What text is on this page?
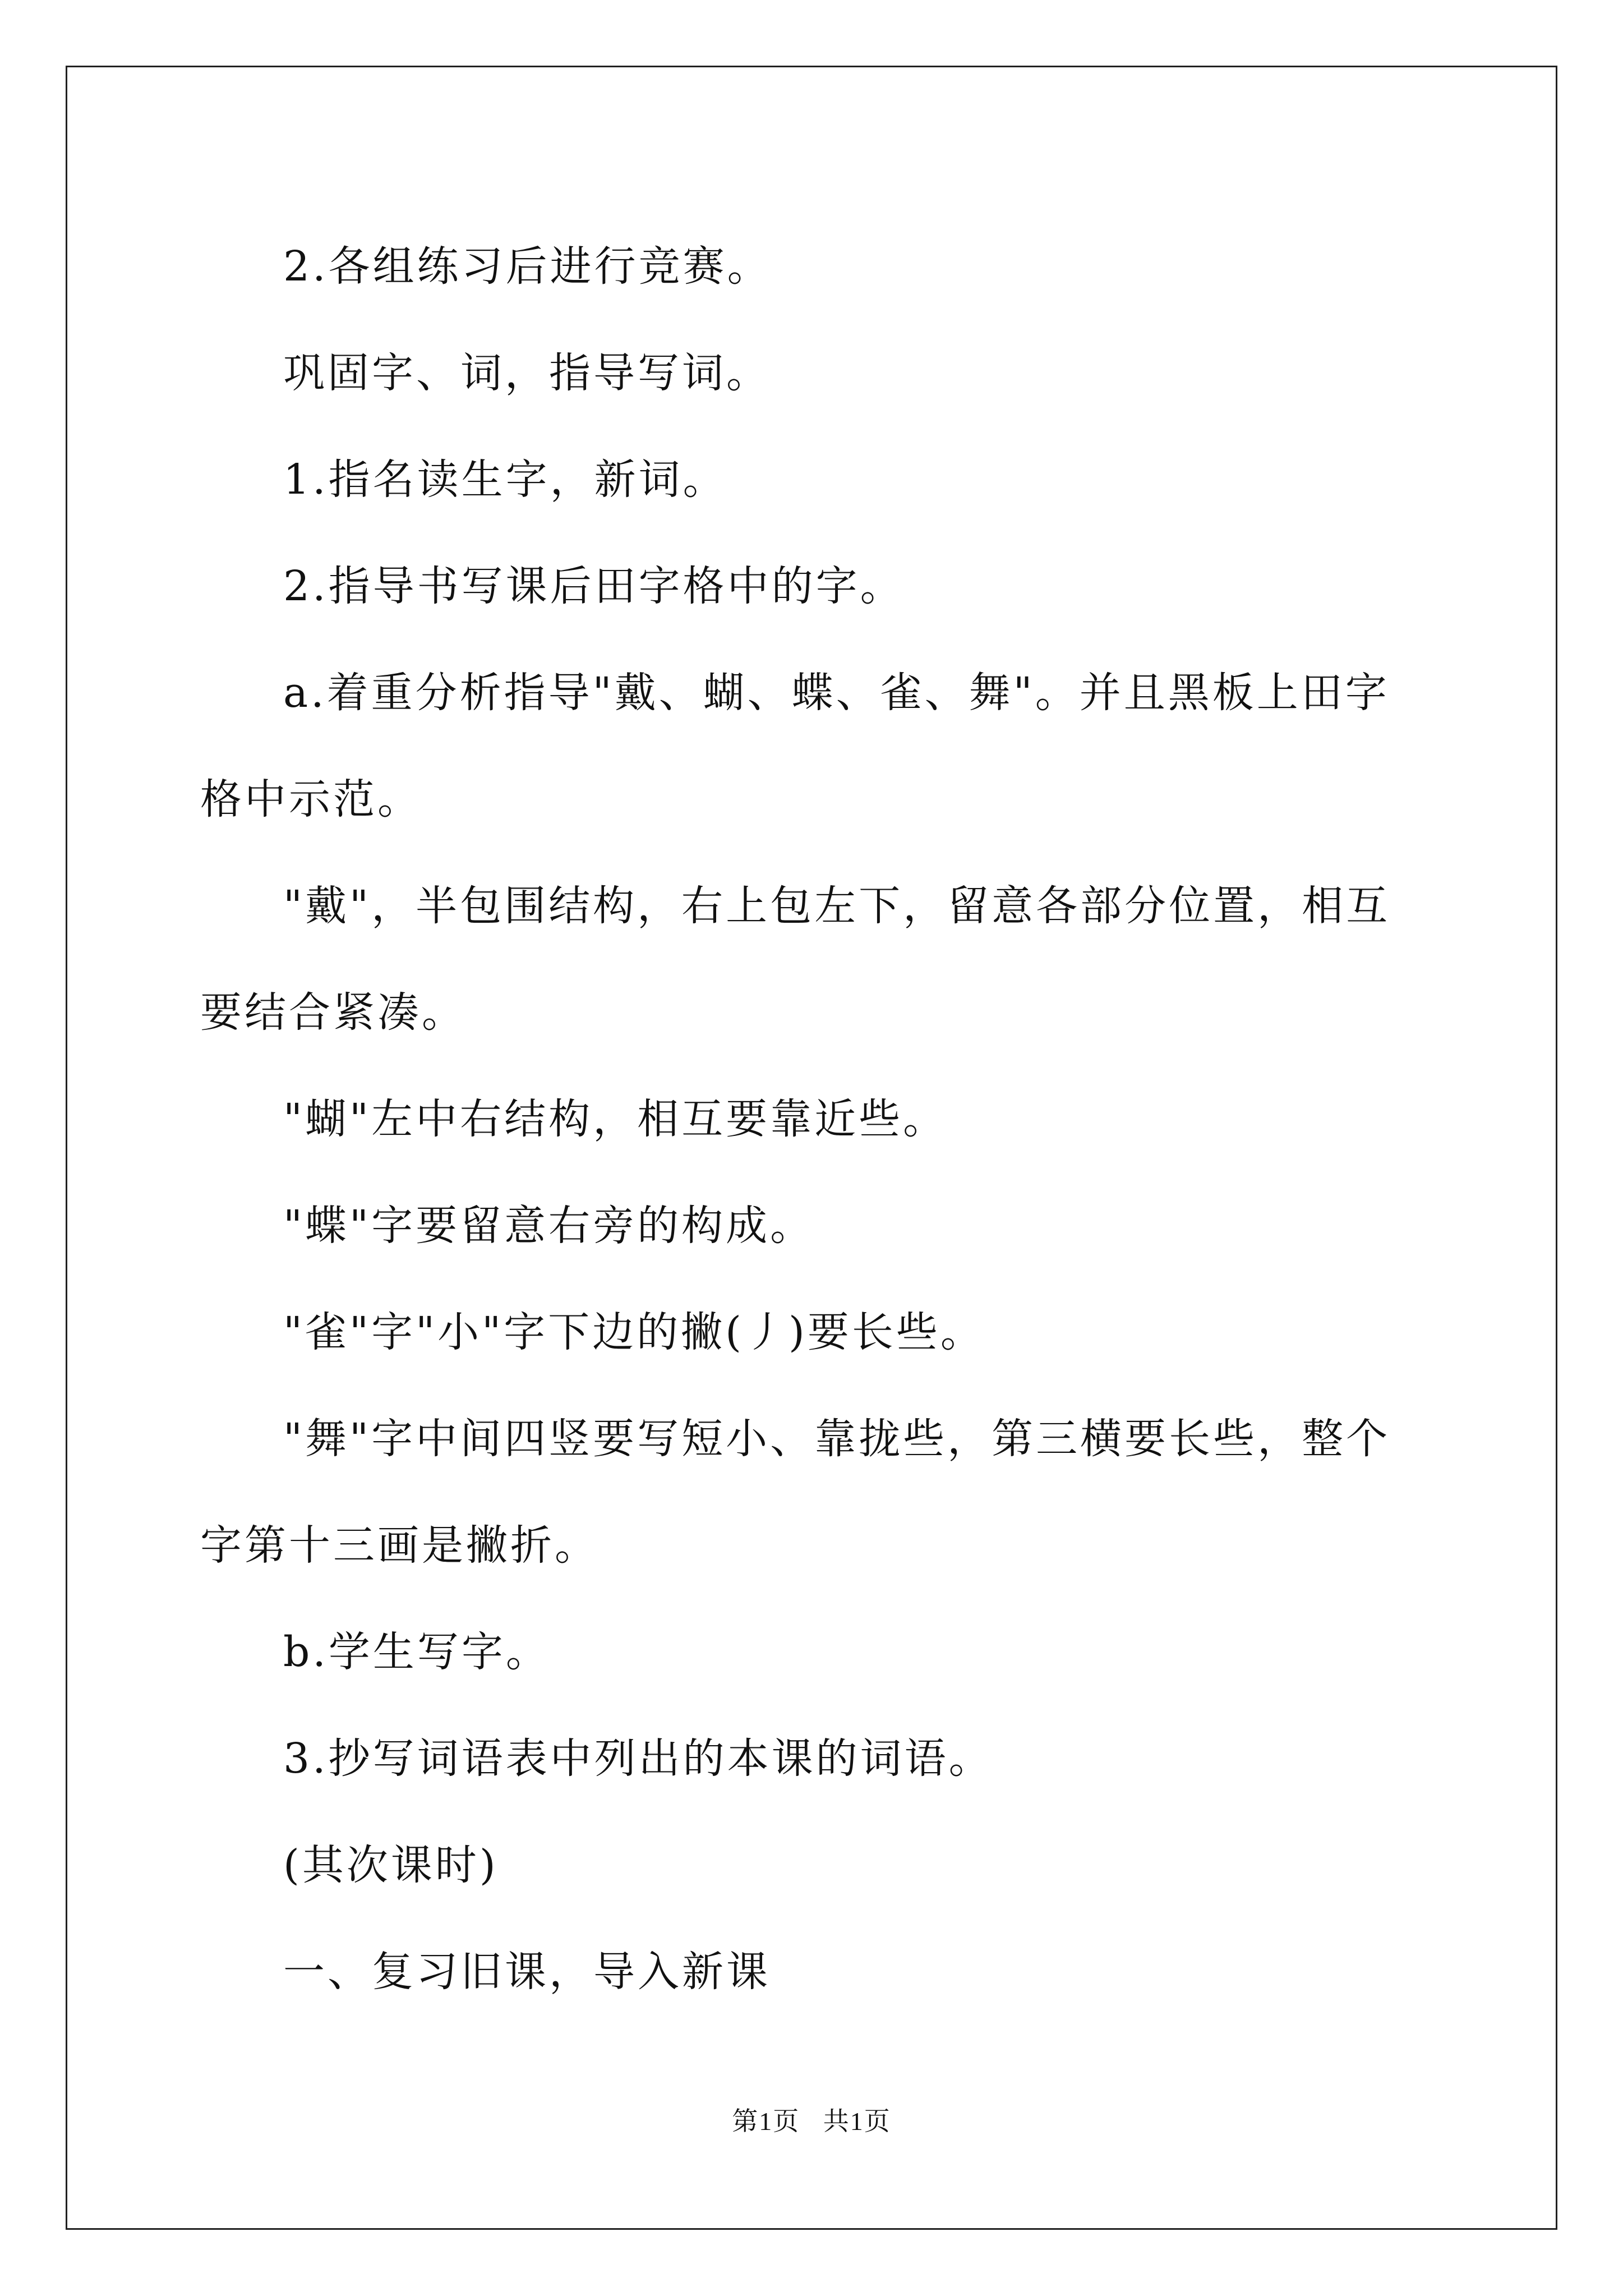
2.各组练习后进行竞赛。

巩固字、词，指导写词。

1.指名读生字，新词。

2.指导书写课后田字格中的字。

a.着重分析指导"戴、蝴、蝶、雀、舞"。并且黑板上田字格中示范。

"戴"，半包围结构，右上包左下，留意各部分位置，相互要结合紧凑。

"蝴"左中右结构，相互要靠近些。

"蝶"字要留意右旁的构成。

"雀"字"小"字下边的撇(丿)要长些。

"舞"字中间四竖要写短小、靠拢些，第三横要长些，整个字第十三画是撇折。

b.学生写字。

3.抄写词语表中列出的本课的词语。

(其次课时)

一、复习旧课，导入新课

第1页 共1页
